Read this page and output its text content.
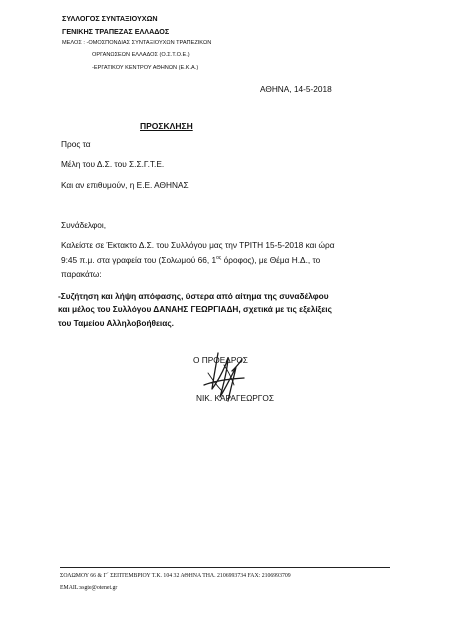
ΣΥΛΛΟΓΟΣ ΣΥΝΤΑΞΙΟΥΧΩΝ
ΓΕΝΙΚΗΣ ΤΡΑΠΕΖΑΣ ΕΛΛΑΔΟΣ
ΜΕΛΟΣ : -ΟΜΟΣΠΟΝΔΙΑΣ ΣΥΝΤΑΞΙΟΥΧΩΝ ΤΡΑΠΕΖΙΚΩΝ
ΟΡΓΑΝΩΣΕΩΝ ΕΛΛΑΔΟΣ (Ο.Σ.Τ.Ο.Ε.)
-ΕΡΓΑΤΙΚΟΥ ΚΕΝΤΡΟΥ ΑΘΗΝΩΝ (Ε.Κ.Α.)
ΑΘΗΝΑ, 14-5-2018
ΠΡΟΣΚΛΗΣΗ
Προς τα
Μέλη του Δ.Σ. του Σ.Σ.Γ.Τ.Ε.
Και αν επιθυμούν, η Ε.Ε. ΑΘΗΝΑΣ
Συνάδελφοι,
Καλείστε σε Έκτακτο Δ.Σ. του Συλλόγου μας την ΤΡΙΤΗ 15-5-2018 και ώρα
9:45 π.μ. στα γραφεία του (Σολωμού 66, $1^{o\varsigma}$ όροφος), με Θέμα Η.Δ., το
παρακάτω:
-Συζήτηση και λήψη απόφασης, ύστερα από αίτημα της συναδέλφου
και μέλος του Συλλόγου ΔΑΝΑΗΣ ΓΕΩΡΓΙΑΔΗ, σχετικά με τις εξελίξεις
του Ταμείου Αλληλοβοήθειας.
Ο ΠΡΟΕΔΡΟΣ
ΝΙΚ. ΚΑΡΑΓΕΩΡΓΟΣ
ΣΟΛΩΜΟΥ 66 & Γ΄ ΣΕΠΤΕΜΒΡΙΟΥ Τ.Κ. 104 32 ΑΘΗΝΑ ΤΗΛ. 2106993734 FAX: 2106993709
EMAIL:ssgte@otenet.gr
